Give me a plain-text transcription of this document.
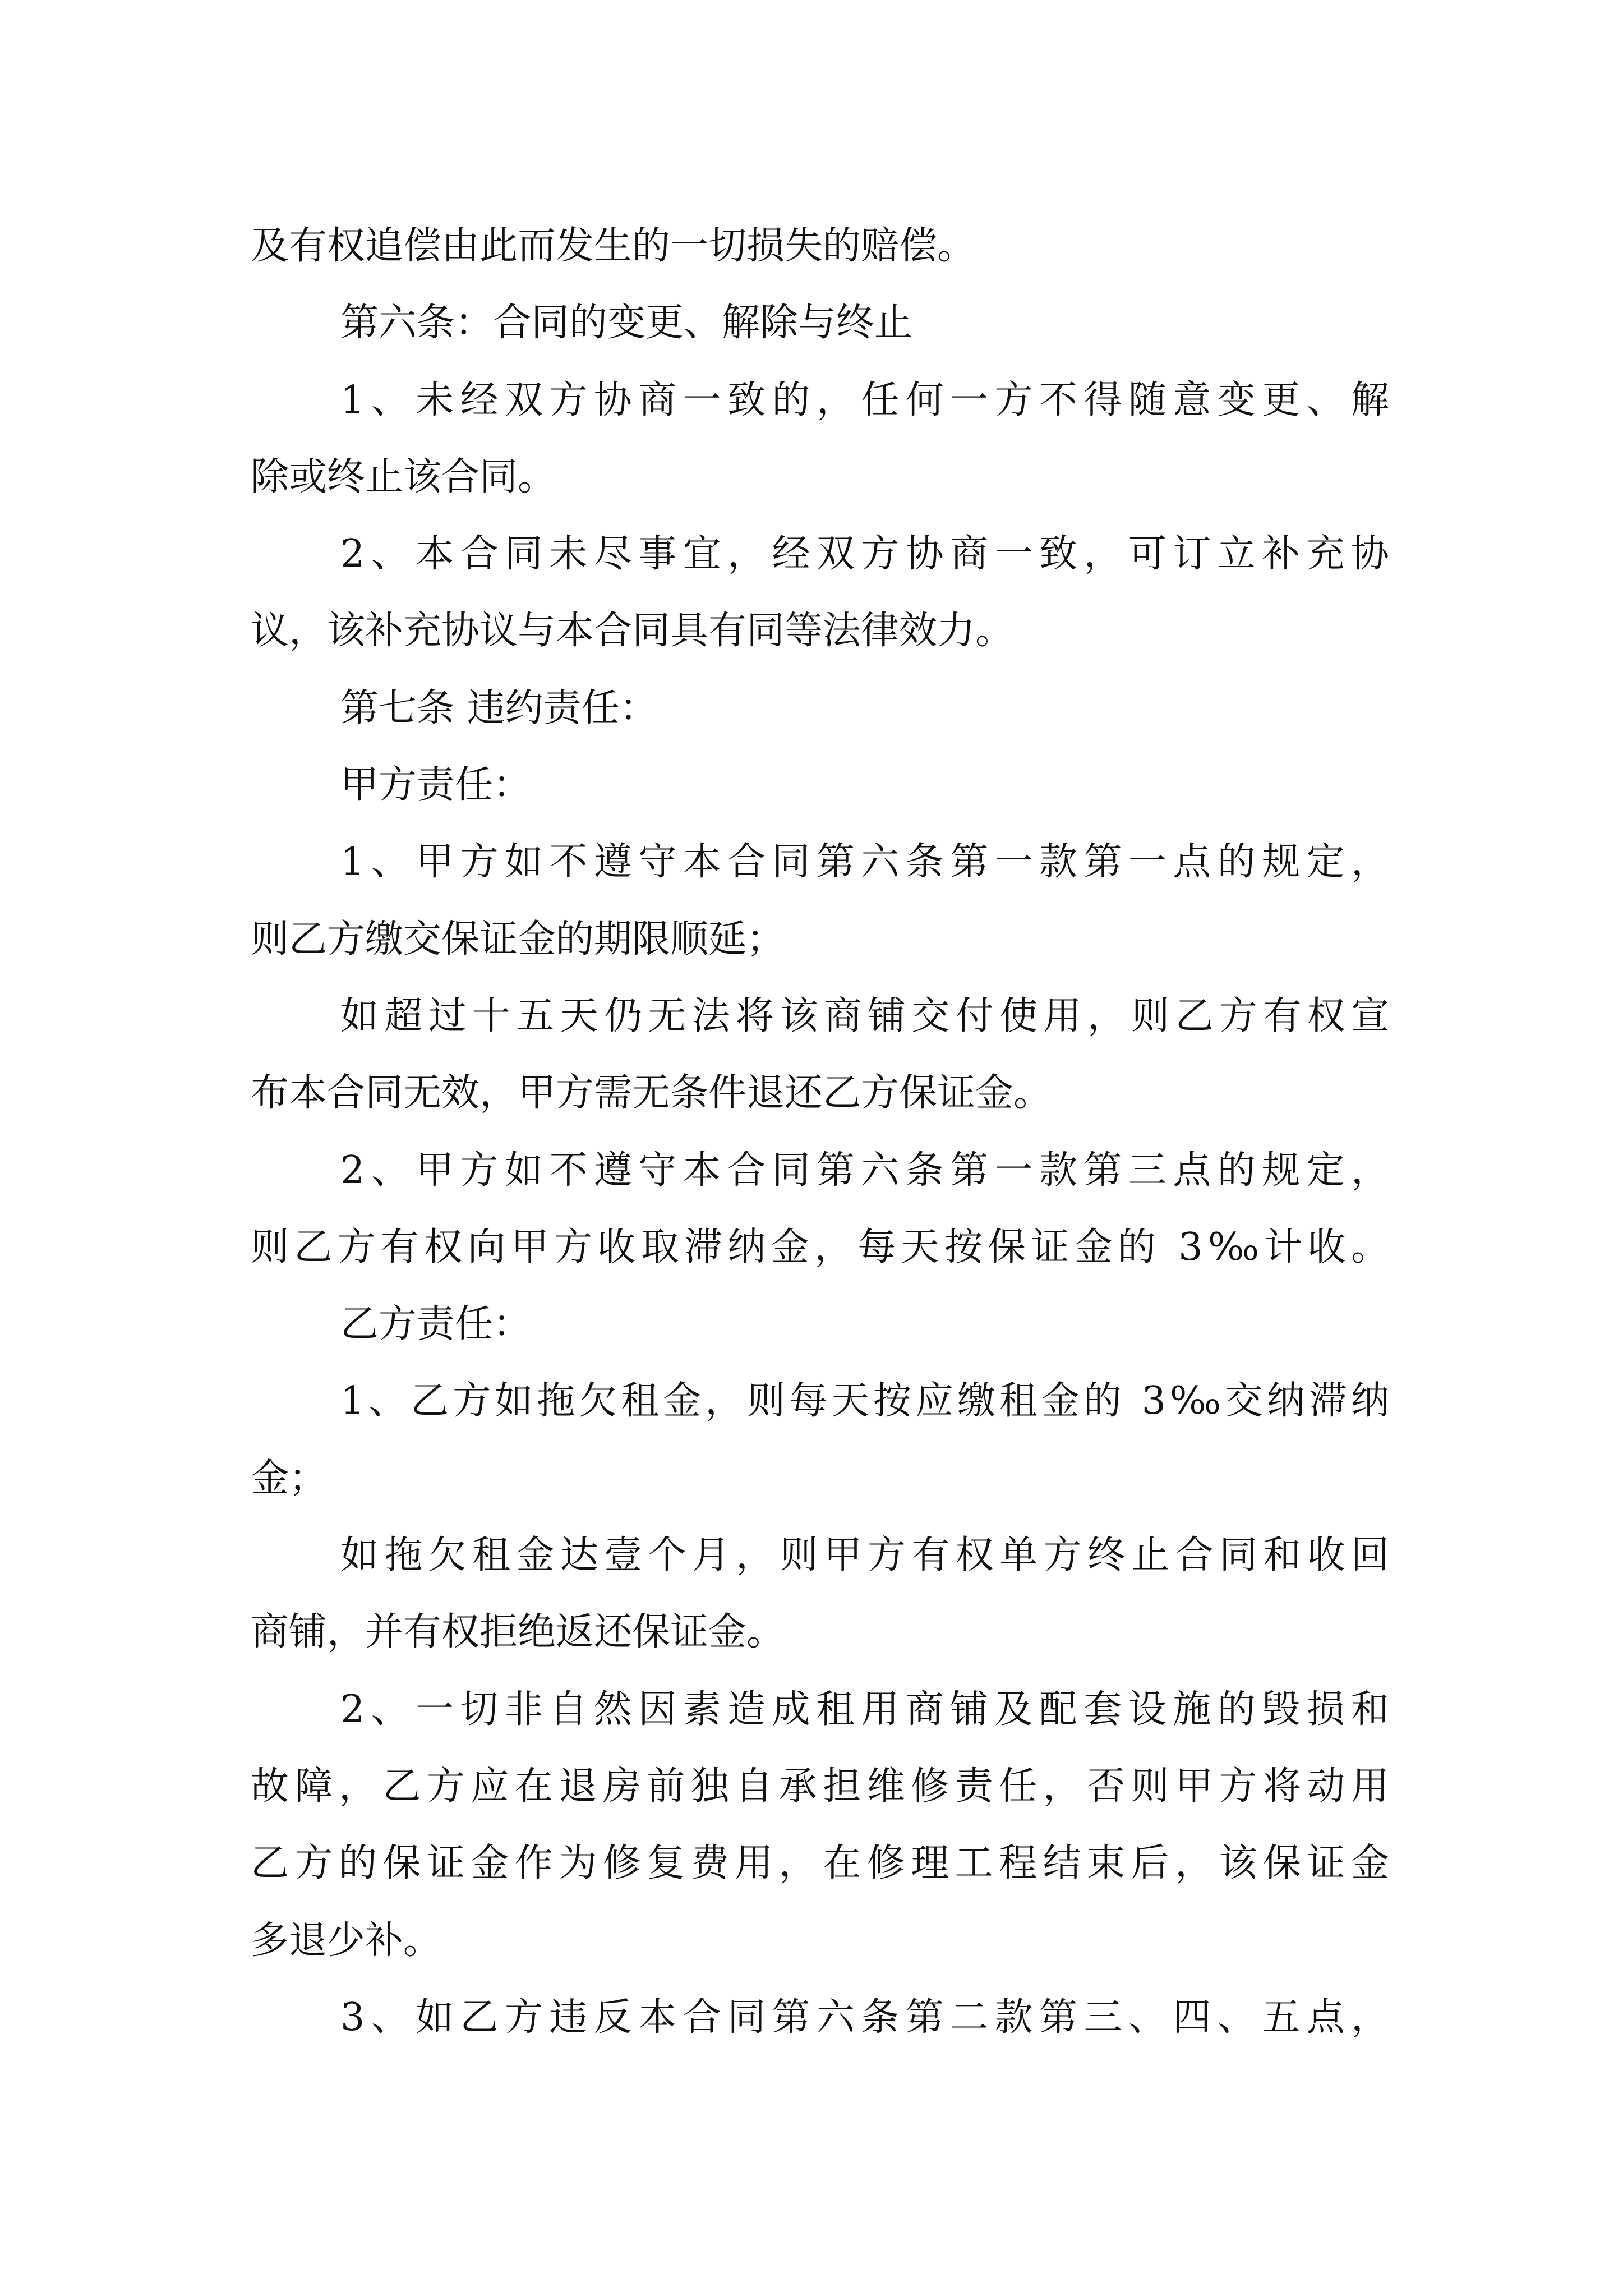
及有权追偿由此而发生的一切损失的赔偿。
第六条：合同的变更、解除与终止
1、未经双方协商一致的，任何一方不得随意变更、解
除或终止该合同。
2、本合同未尽事宜，经双方协商一致，可订立补充协
议，该补充协议与本合同具有同等法律效力。
第七条 违约责任：
甲方责任：
1、甲方如不遵守本合同第六条第一款第一点的规定，
则乙方缴交保证金的期限顺延；
如超过十五天仍无法将该商铺交付使用，则乙方有权宣
布本合同无效，甲方需无条件退还乙方保证金。
2、甲方如不遵守本合同第六条第一款第三点的规定，
则乙方有权向甲方收取滞纳金，每天按保证金的 3‰计收。
乙方责任：
1、乙方如拖欠租金，则每天按应缴租金的 3‰交纳滞纳
金；
如拖欠租金达壹个月，则甲方有权单方终止合同和收回
商铺，并有权拒绝返还保证金。
2、一切非自然因素造成租用商铺及配套设施的毁损和
故障，乙方应在退房前独自承担维修责任，否则甲方将动用
乙方的保证金作为修复费用，在修理工程结束后，该保证金
多退少补。
3、如乙方违反本合同第六条第二款第三、四、五点，
